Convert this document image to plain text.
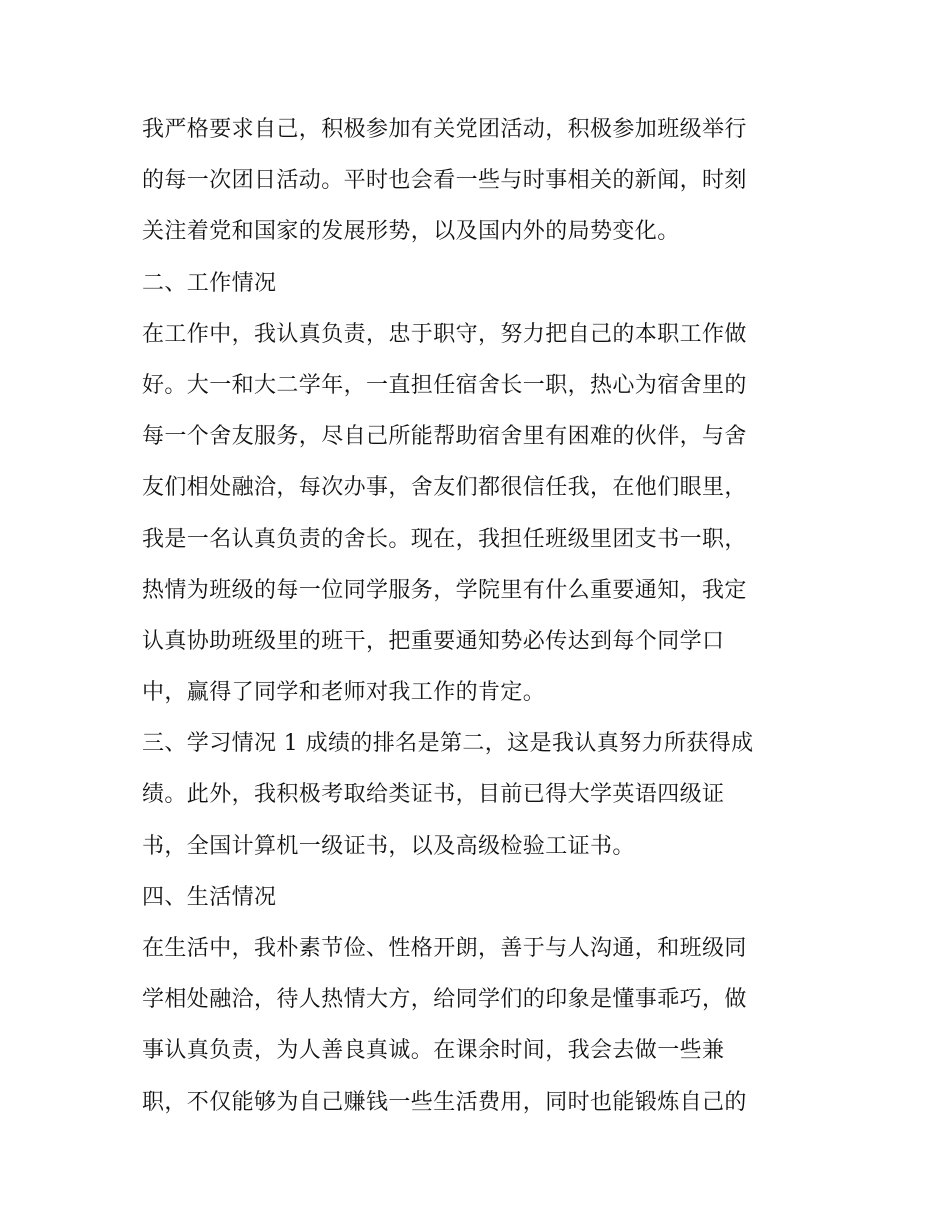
我严格要求自己，积极参加有关党团活动，积极参加班级举行
的每一次团日活动。平时也会看一些与时事相关的新闻，时刻
关注着党和国家的发展形势，以及国内外的局势变化。
二、工作情况
在工作中，我认真负责，忠于职守，努力把自己的本职工作做
好。大一和大二学年，一直担任宿舍长一职，热心为宿舍里的
每一个舍友服务，尽自己所能帮助宿舍里有困难的伙伴，与舍
友们相处融洽，每次办事，舍友们都很信任我，在他们眼里，
我是一名认真负责的舍长。现在，我担任班级里团支书一职，
热情为班级的每一位同学服务，学院里有什么重要通知，我定
认真协助班级里的班干，把重要通知势必传达到每个同学口
中，赢得了同学和老师对我工作的肯定。
三、学习情况 1 成绩的排名是第二，这是我认真努力所获得成
绩。此外，我积极考取给类证书，目前已得大学英语四级证
书，全国计算机一级证书，以及高级检验工证书。
四、生活情况
在生活中，我朴素节俭、性格开朗，善于与人沟通，和班级同
学相处融洽，待人热情大方，给同学们的印象是懂事乖巧，做
事认真负责，为人善良真诚。在课余时间，我会去做一些兼
职，不仅能够为自己赚钱一些生活费用，同时也能锻炼自己的
